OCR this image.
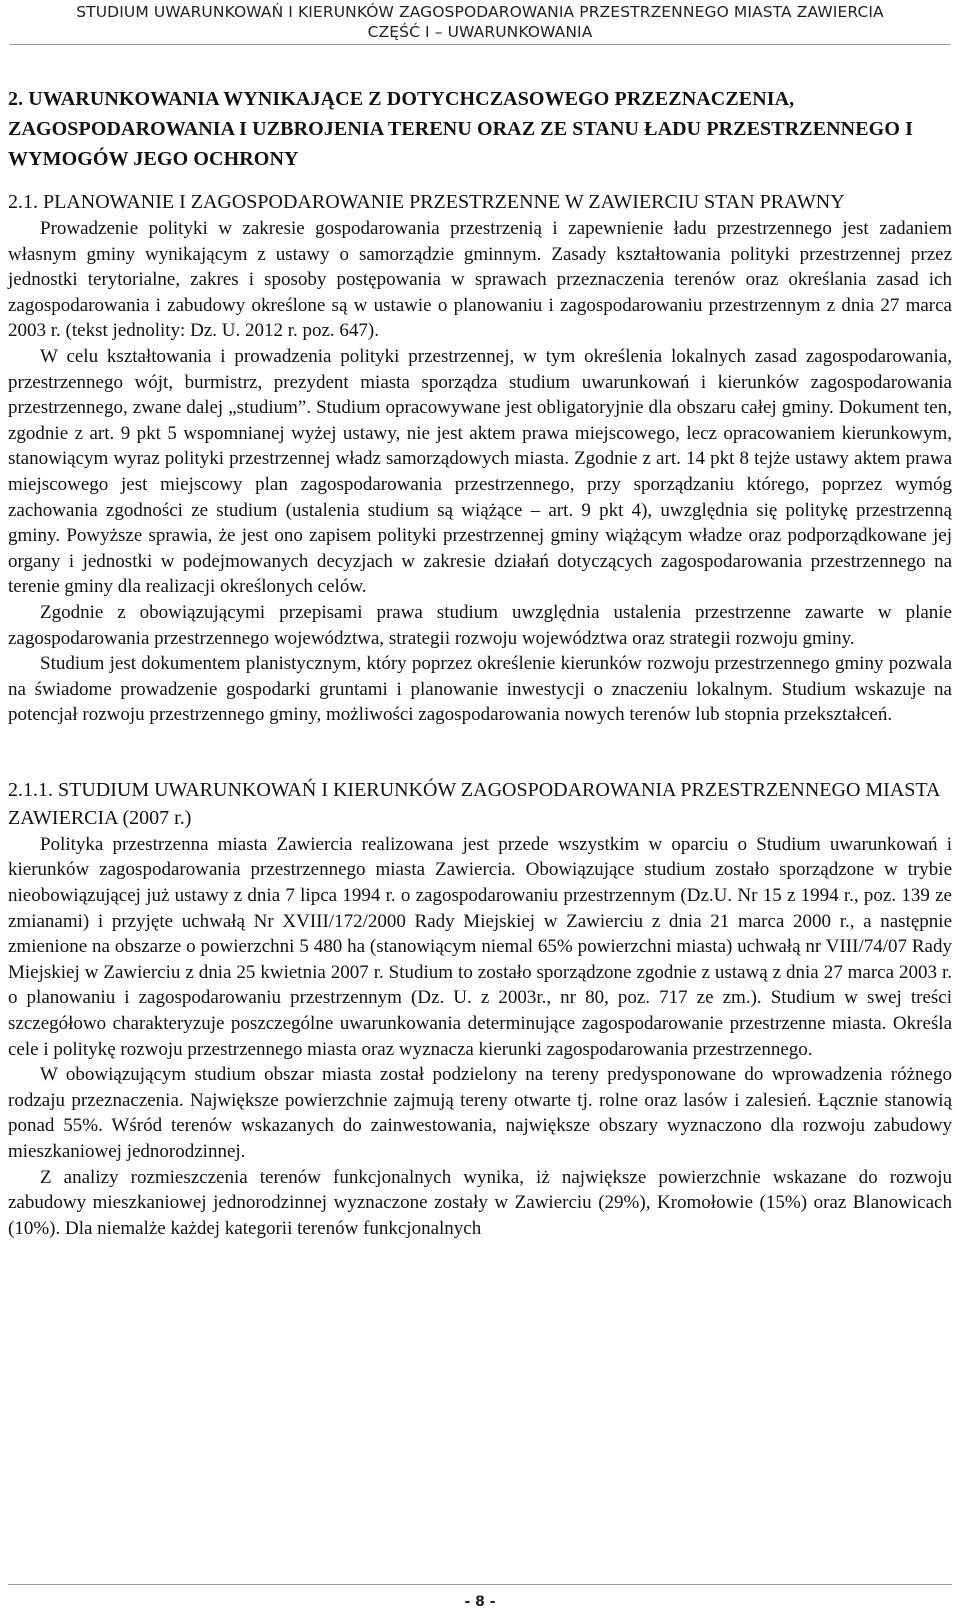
STUDIUM UWARUNKOWAŃ I KIERUNKÓW ZAGOSPODAROWANIA PRZESTRZENNEGO MIASTA ZAWIERCIA
CZĘŚĆ I – UWARUNKOWANIA
2. UWARUNKOWANIA WYNIKAJĄCE Z DOTYCHCZASOWEGO PRZEZNACZENIA, ZAGOSPODAROWANIA I UZBROJENIA TERENU ORAZ ZE STANU ŁADU PRZESTRZENNEGO I WYMOGÓW JEGO OCHRONY
2.1. PLANOWANIE I ZAGOSPODAROWANIE PRZESTRZENNE W ZAWIERCIU STAN PRAWNY

Prowadzenie polityki w zakresie gospodarowania przestrzenią i zapewnienie ładu przestrzennego jest zadaniem własnym gminy wynikającym z ustawy o samorządzie gminnym. Zasady kształtowania polityki przestrzennej przez jednostki terytorialne, zakres i sposoby postępowania w sprawach przeznaczenia terenów oraz określania zasad ich zagospodarowania i zabudowy określone są w ustawie o planowaniu i zagospodarowaniu przestrzennym z dnia 27 marca 2003 r. (tekst jednolity: Dz. U. 2012 r. poz. 647).

W celu kształtowania i prowadzenia polityki przestrzennej, w tym określenia lokalnych zasad zagospodarowania, przestrzennego wójt, burmistrz, prezydent miasta sporządza studium uwarunkowań i kierunków zagospodarowania przestrzennego, zwane dalej „studium”. Studium opracowywane jest obligatoryjnie dla obszaru całej gminy. Dokument ten, zgodnie z art. 9 pkt 5 wspomnianej wyżej ustawy, nie jest aktem prawa miejscowego, lecz opracowaniem kierunkowym, stanowiącym wyraz polityki przestrzennej władz samorządowych miasta. Zgodnie z art. 14 pkt 8 tejże ustawy aktem prawa miejscowego jest miejscowy plan zagospodarowania przestrzennego, przy sporządzaniu którego, poprzez wymóg zachowania zgodności ze studium (ustalenia studium są wiążące – art. 9 pkt 4), uwzględnia się politykę przestrzenną gminy. Powyższe sprawia, że jest ono zapisem polityki przestrzennej gminy wiążącym władze oraz podporządkowane jej organy i jednostki w podejmowanych decyzjach w zakresie działań dotyczących zagospodarowania przestrzennego na terenie gminy dla realizacji określonych celów.

Zgodnie z obowiązującymi przepisami prawa studium uwzględnia ustalenia przestrzenne zawarte w planie zagospodarowania przestrzennego województwa, strategii rozwoju województwa oraz strategii rozwoju gminy.

Studium jest dokumentem planistycznym, który poprzez określenie kierunków rozwoju przestrzennego gminy pozwala na świadome prowadzenie gospodarki gruntami i planowanie inwestycji o znaczeniu lokalnym. Studium wskazuje na potencjał rozwoju przestrzennego gminy, możliwości zagospodarowania nowych terenów lub stopnia przekształceń.

2.1.1. STUDIUM UWARUNKOWAŃ I KIERUNKÓW ZAGOSPODAROWANIA PRZESTRZENNEGO MIASTA ZAWIERCIA (2007 r.)

Polityka przestrzenna miasta Zawiercia realizowana jest przede wszystkim w oparciu o Studium uwarunkowań i kierunków zagospodarowania przestrzennego miasta Zawiercia. Obowiązujące studium zostało sporządzone w trybie nieobowiązującej już ustawy z dnia 7 lipca 1994 r. o zagospodarowaniu przestrzennym (Dz.U. Nr 15 z 1994 r., poz. 139 ze zmianami) i przyjęte uchwałą Nr XVIII/172/2000 Rady Miejskiej w Zawierciu z dnia 21 marca 2000 r., a następnie zmienione na obszarze o powierzchni 5 480 ha (stanowiącym niemal 65% powierzchni miasta) uchwałą nr VIII/74/07 Rady Miejskiej w Zawierciu z dnia 25 kwietnia 2007 r. Studium to zostało sporządzone zgodnie z ustawą z dnia 27 marca 2003 r. o planowaniu i zagospodarowaniu przestrzennym (Dz. U. z 2003r., nr 80, poz. 717 ze zm.). Studium w swej treści szczegółowo charakteryzuje poszczególne uwarunkowania determinujące zagospodarowanie przestrzenne miasta. Określa cele i politykę rozwoju przestrzennego miasta oraz wyznacza kierunki zagospodarowania przestrzennego.

W obowiązującym studium obszar miasta został podzielony na tereny predysponowane do wprowadzenia różnego rodzaju przeznaczenia. Największe powierzchnie zajmują tereny otwarte tj. rolne oraz lasów i zalesień. Łącznie stanowią ponad 55%. Wśród terenów wskazanych do zainwestowania, największe obszary wyznaczono dla rozwoju zabudowy mieszkaniowej jednorodzinnej.

Z analizy rozmieszczenia terenów funkcjonalnych wynika, iż największe powierzchnie wskazane do rozwoju zabudowy mieszkaniowej jednorodzinnej wyznaczone zostały w Zawierciu (29%), Kromołowie (15%) oraz Blanowicach (10%). Dla niemalże każdej kategorii terenów funkcjonalnych

- 8 -
